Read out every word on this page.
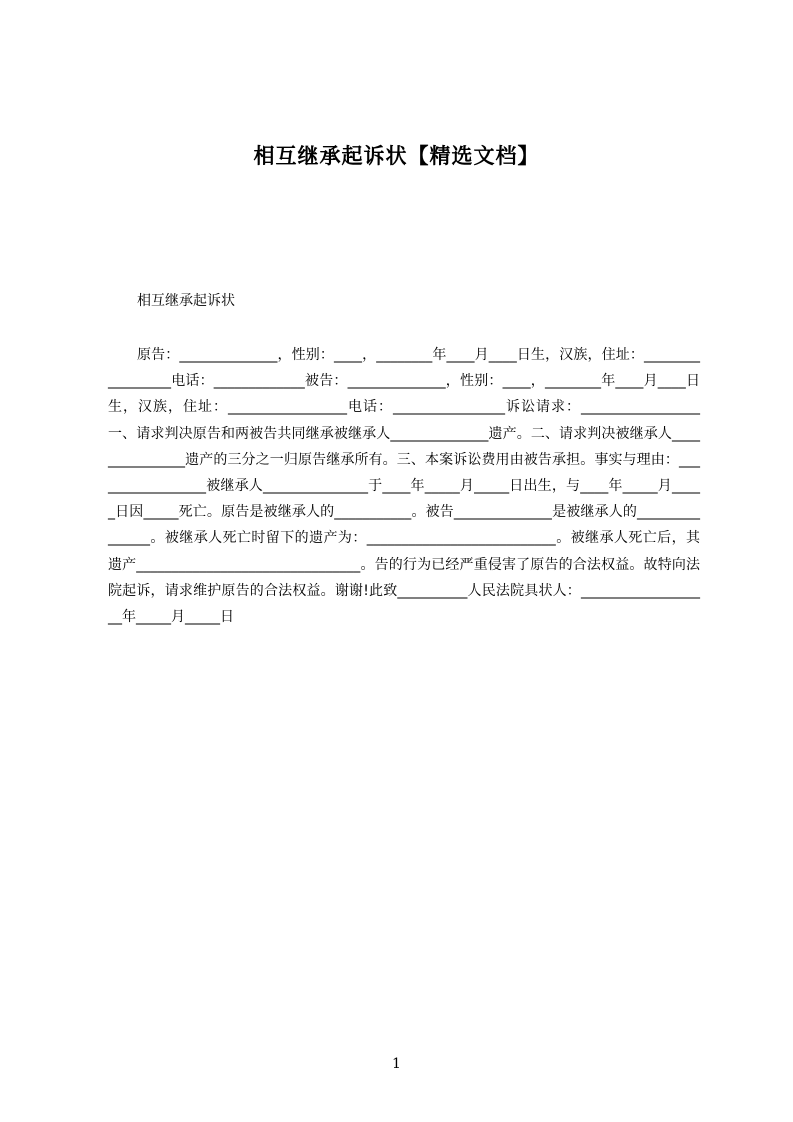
相互继承起诉状【精选文档】
相互继承起诉状

原告：______________，性别：____，________年____月____日生，汉族，住址：_________________电话：_____________被告：______________，性别：____，________年____月____日生，汉族，住址：_________________电话：________________诉讼请求：_________________一、请求判决原告和两被告共同继承被继承人______________遗产。二、请求判决被继承人_______________遗产的三分之一归原告继承所有。三、本案诉讼费用由被告承担。事实与理由：_________________被继承人_______________于____年_____月_____日出生，与____年_____月_____日因_____死亡。原告是被继承人的___________。被告______________是被继承人的_______________。被继承人死亡时留下的遗产为：___________________________。被继承人死亡后，其遗产________________________________。告的行为已经严重侵害了原告的合法权益。故特向法院起诉，请求维护原告的合法权益。谢谢!此致__________人民法院具状人：___________________年_____月_____日

1
